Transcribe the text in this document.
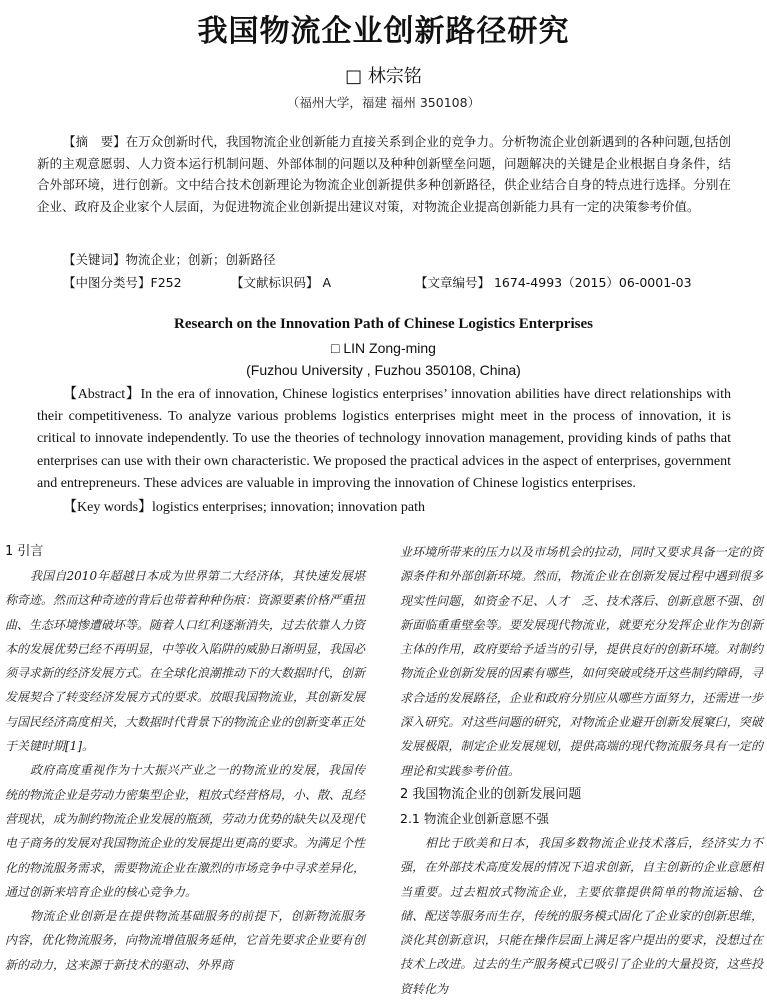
我国物流企业创新路径研究
□ 林宗铭
（福州大学，福建 福州 350108）
【摘　要】在万众创新时代，我国物流企业创新能力直接关系到企业的竞争力。分析物流企业创新遇到的各种问题,包括创新的主观意愿弱、人力资本运行机制问题、外部体制的问题以及种种创新壁垒问题，问题解决的关键是企业根据自身条件，结合外部环境，进行创新。文中结合技术创新理论为物流企业创新提供多种创新路径，供企业结合自身的特点进行选择。分别在企业、政府及企业家个人层面，为促进物流企业创新提出建议对策，对物流企业提高创新能力具有一定的决策参考价值。
【关键词】物流企业；创新；创新路径
【中图分类号】F252	【文献标识码】 A	【文章编号】 1674-4993（2015）06-0001-03
Research on the Innovation Path of Chinese Logistics Enterprises
□ LIN Zong-ming
(Fuzhou University , Fuzhou 350108, China)
【Abstract】In the era of innovation, Chinese logistics enterprises’ innovation abilities have direct relationships with their competitiveness. To analyze various problems logistics enterprises might meet in the process of innovation, it is critical to innovate independently. To use the theories of technology innovation management, providing kinds of paths that enterprises can use with their own characteristic. We proposed the practical advices in the aspect of enterprises, government and entrepreneurs. These advices are valuable in improving the innovation of Chinese logistics enterprises.
【Key words】logistics enterprises; innovation; innovation path
1 引言

我国自2010年超越日本成为世界第二大经济体，其快速发展堪称奇迹。然而这种奇迹的背后也带着种种伤痕：资源要素价格严重扭曲、生态环境惨遭破坏等。随着人口红利逐渐消失，过去依靠人力资本的发展优势已经不再明显，中等收入陷阱的威胁日渐明显，我国必须寻求新的经济发展方式。在全球化浪潮推动下的大数据时代，创新发展契合了转变经济发展方式的要求。放眼我国物流业，其创新发展与国民经济高度相关，大数据时代背景下的物流企业的创新变革正处于关键时期[1]。

政府高度重视作为十大振兴产业之一的物流业的发展，我国传统的物流企业是劳动力密集型企业，粗放式经营格局，小、散、乱经营现状，成为制约物流企业发展的瓶颈，劳动力优势的缺失以及现代电子商务的发展对我国物流企业的发展提出更高的要求。为满足个性化的物流服务需求，需要物流企业在激烈的市场竞争中寻求差异化，通过创新来培育企业的核心竞争力。

物流企业创新是在提供物流基础服务的前提下，创新物流服务内容，优化物流服务，向物流增值服务延伸，它首先要求企业要有创新的动力，这来源于新技术的驱动、外界商

业环境所带来的压力以及市场机会的拉动，同时又要求具备一定的资源条件和外部创新环境。然而，物流企业在创新发展过程中遇到很多现实性问题，如资金不足、人才　乏、技术落后、创新意愿不强、创新面临重重壁垒等。要发展现代物流业，就要充分发挥企业作为创新主体的作用，政府要给予适当的引导，提供良好的创新环境。对制约物流企业创新发展的因素有哪些，如何突破或绕开这些制约障碍，寻求合适的发展路径，企业和政府分别应从哪些方面努力，还需进一步深入研究。对这些问题的研究，对物流企业避开创新发展窠臼，突破发展极限，制定企业发展规划，提供高端的现代物流服务具有一定的理论和实践参考价值。

2 我国物流企业的创新发展问题
2.1 物流企业创新意愿不强

相比于欧美和日本，我国多数物流企业技术落后，经济实力不强，在外部技术高度发展的情况下追求创新，自主创新的企业意愿相当重要。过去粗放式物流企业，主要依靠提供简单的物流运输、仓储、配送等服务而生存，传统的服务模式固化了企业家的创新思维，淡化其创新意识，只能在操作层面上满足客户提出的要求，没想过在技术上改进。过去的生产服务模式已吸引了企业的大量投资，这些投资转化为
